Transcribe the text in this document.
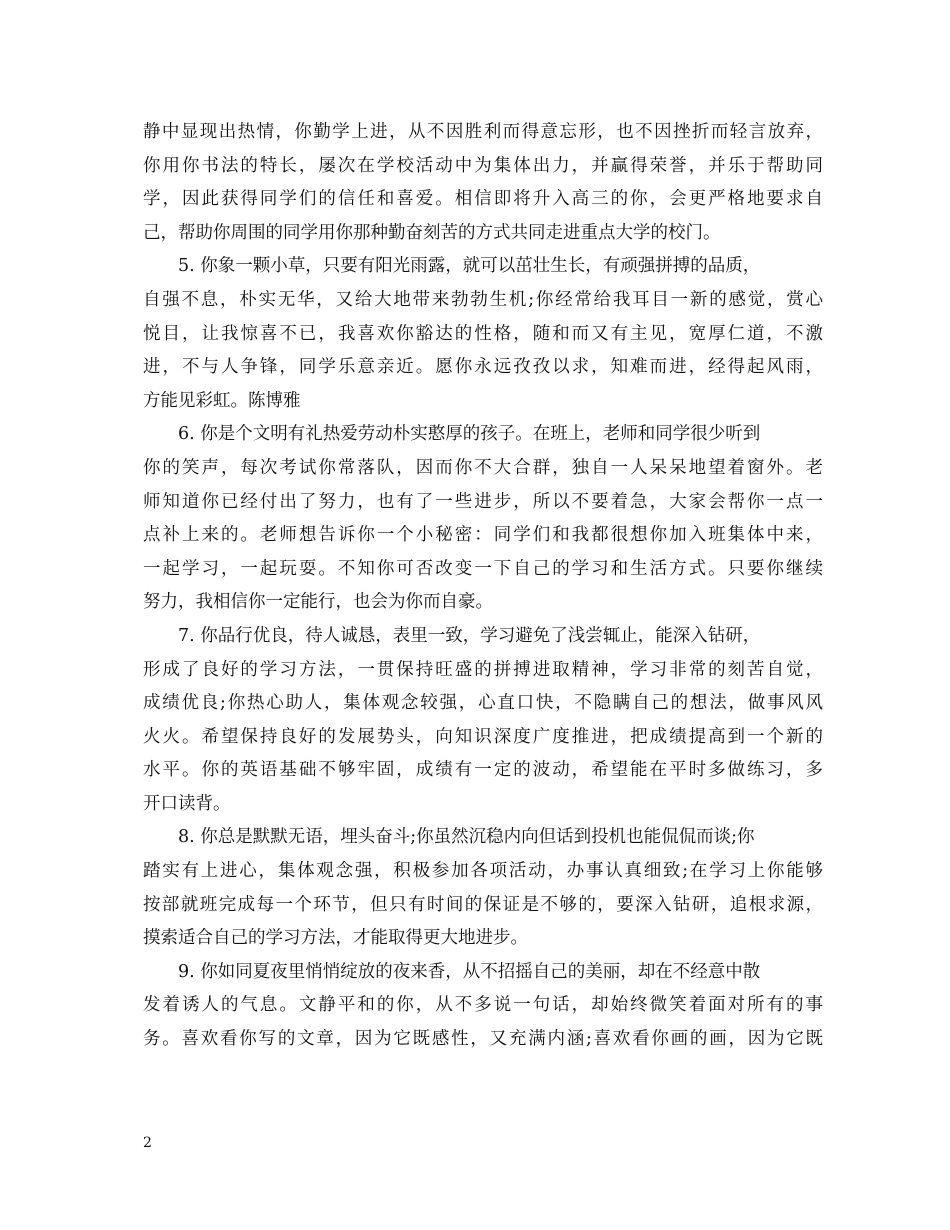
静中显现出热情，你勤学上进，从不因胜利而得意忘形，也不因挫折而轻言放弃，
你用你书法的特长，屡次在学校活动中为集体出力，并赢得荣誉，并乐于帮助同
学，因此获得同学们的信任和喜爱。相信即将升入高三的你，会更严格地要求自
己，帮助你周围的同学用你那种勤奋刻苦的方式共同走进重点大学的校门。
5. 你象一颗小草，只要有阳光雨露，就可以茁壮生长，有顽强拼搏的品质，
自强不息，朴实无华，又给大地带来勃勃生机;你经常给我耳目一新的感觉，赏心
悦目，让我惊喜不已，我喜欢你豁达的性格，随和而又有主见，宽厚仁道，不激
进，不与人争锋，同学乐意亲近。愿你永远孜孜以求，知难而进，经得起风雨，
方能见彩虹。陈博雅
6. 你是个文明有礼热爱劳动朴实憨厚的孩子。在班上，老师和同学很少听到
你的笑声，每次考试你常落队，因而你不大合群，独自一人呆呆地望着窗外。老
师知道你已经付出了努力，也有了一些进步，所以不要着急，大家会帮你一点一
点补上来的。老师想告诉你一个小秘密：同学们和我都很想你加入班集体中来，
一起学习，一起玩耍。不知你可否改变一下自己的学习和生活方式。只要你继续
努力，我相信你一定能行，也会为你而自豪。
7. 你品行优良，待人诚恳，表里一致，学习避免了浅尝辄止，能深入钻研，
形成了良好的学习方法，一贯保持旺盛的拼搏进取精神，学习非常的刻苦自觉，
成绩优良;你热心助人，集体观念较强，心直口快，不隐瞒自己的想法，做事风风
火火。希望保持良好的发展势头，向知识深度广度推进，把成绩提高到一个新的
水平。你的英语基础不够牢固，成绩有一定的波动，希望能在平时多做练习，多
开口读背。
8. 你总是默默无语，埋头奋斗;你虽然沉稳内向但话到投机也能侃侃而谈;你
踏实有上进心，集体观念强，积极参加各项活动，办事认真细致;在学习上你能够
按部就班完成每一个环节，但只有时间的保证是不够的，要深入钻研，追根求源，
摸索适合自己的学习方法，才能取得更大地进步。
9. 你如同夏夜里悄悄绽放的夜来香，从不招摇自己的美丽，却在不经意中散
发着诱人的气息。文静平和的你，从不多说一句话，却始终微笑着面对所有的事
务。喜欢看你写的文章，因为它既感性，又充满内涵;喜欢看你画的画，因为它既
2
